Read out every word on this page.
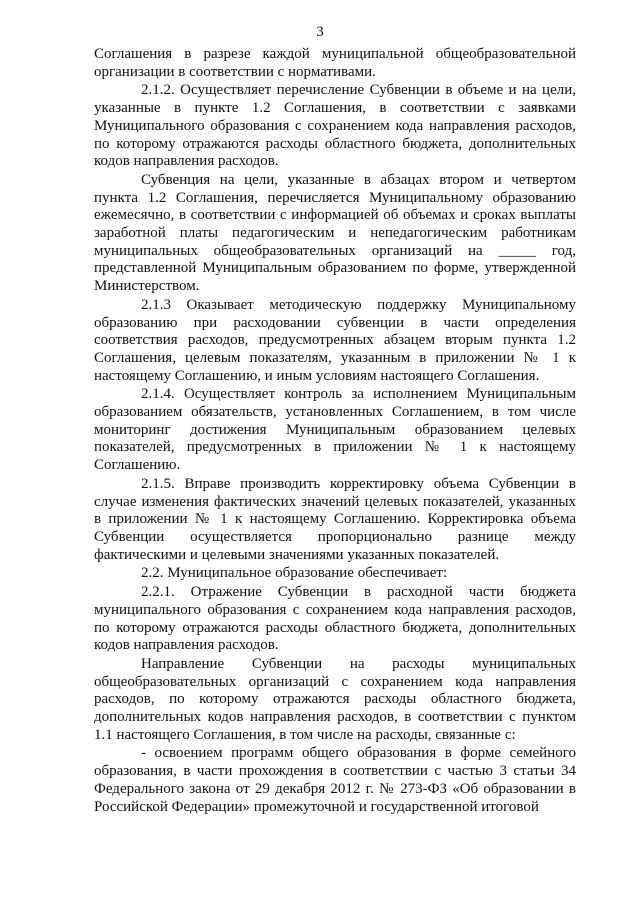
3

Соглашения в разрезе каждой муниципальной общеобразовательной организации в соответствии с нормативами.

2.1.2. Осуществляет перечисление Субвенции в объеме и на цели, указанные в пункте 1.2 Соглашения, в соответствии с заявками Муниципального образования с сохранением кода направления расходов, по которому отражаются расходы областного бюджета, дополнительных кодов направления расходов.

Субвенция на цели, указанные в абзацах втором и четвертом пункта 1.2 Соглашения, перечисляется Муниципальному образованию ежемесячно, в соответствии с информацией об объемах и сроках выплаты заработной платы педагогическим и непедагогическим работникам муниципальных общеобразовательных организаций на _____ год, представленной Муниципальным образованием по форме, утвержденной Министерством.

2.1.3 Оказывает методическую поддержку Муниципальному образованию при расходовании субвенции в части определения соответствия расходов, предусмотренных абзацем вторым пункта 1.2 Соглашения, целевым показателям, указанным в приложении № 1 к настоящему Соглашению, и иным условиям настоящего Соглашения.

2.1.4. Осуществляет контроль за исполнением Муниципальным образованием обязательств, установленных Соглашением, в том числе мониторинг достижения Муниципальным образованием целевых показателей, предусмотренных в приложении № 1 к настоящему Соглашению.

2.1.5. Вправе производить корректировку объема Субвенции в случае изменения фактических значений целевых показателей, указанных в приложении № 1 к настоящему Соглашению. Корректировка объема Субвенции осуществляется пропорционально разнице между фактическими и целевыми значениями указанных показателей.

2.2. Муниципальное образование обеспечивает:

2.2.1. Отражение Субвенции в расходной части бюджета муниципального образования с сохранением кода направления расходов, по которому отражаются расходы областного бюджета, дополнительных кодов направления расходов.

Направление Субвенции на расходы муниципальных общеобразовательных организаций с сохранением кода направления расходов, по которому отражаются расходы областного бюджета, дополнительных кодов направления расходов, в соответствии с пунктом 1.1 настоящего Соглашения, в том числе на расходы, связанные с:

- освоением программ общего образования в форме семейного образования, в части прохождения в соответствии с частью 3 статьи 34 Федерального закона от 29 декабря 2012 г. № 273-ФЗ «Об образовании в Российской Федерации» промежуточной и государственной итоговой
